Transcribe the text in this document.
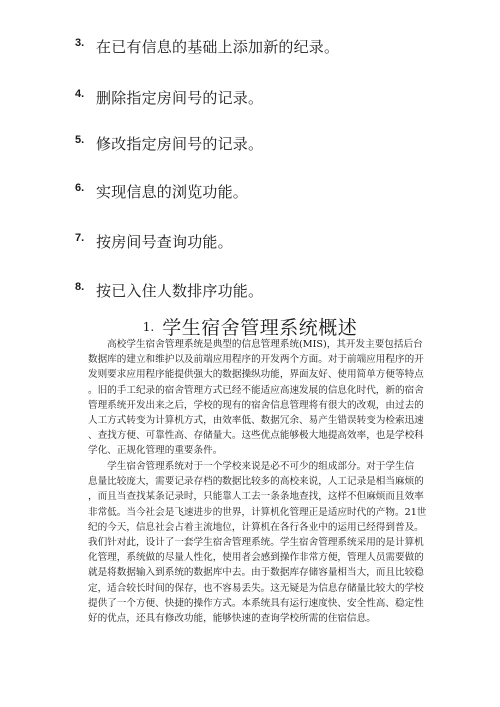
3. 在已有信息的基础上添加新的纪录。
4. 删除指定房间号的记录。
5. 修改指定房间号的记录。
6. 实现信息的浏览功能。
7. 按房间号查询功能。
8. 按已入住人数排序功能。
1. 学生宿舍管理系统概述
　　高校学生宿舍管理系统是典型的信息管理系统(MIS)，其开发主要包括后台
数据库的建立和维护以及前端应用程序的开发两个方面。对于前端应用程序的开
发则要求应用程序能提供强大的数据操纵功能，界面友好、使用简单方便等特点
。旧的手工纪录的宿舍管理方式已经不能适应高速发展的信息化时代，新的宿舍
管理系统开发出来之后，学校的现有的宿舍信息管理将有很大的改观，由过去的
人工方式转变为计算机方式，由效率低、数据冗余、易产生错误转变为检索迅速
、查找方便、可靠性高、存储量大。这些优点能够极大地提高效率，也是学校科
学化、正规化管理的重要条件。
　　学生宿舍管理系统对于一个学校来说是必不可少的组成部分。对于学生信
息量比较庞大，需要记录存档的数据比较多的高校来说，人工记录是相当麻烦的
，而且当查找某条记录时，只能靠人工去一条条地查找，这样不但麻烦而且效率
非常低。当今社会是飞速进步的世界，计算机化管理正是适应时代的产物。21世
纪的今天，信息社会占着主流地位，计算机在各行各业中的运用已经得到普及。
我们针对此，设计了一套学生宿舍管理系统。学生宿舍管理系统采用的是计算机
化管理，系统做的尽量人性化，使用者会感到操作非常方便，管理人员需要做的
就是将数据输入到系统的数据库中去。由于数据库存储容量相当大，而且比较稳
定，适合较长时间的保存，也不容易丢失。这无疑是为信息存储量比较大的学校
提供了一个方便、快捷的操作方式。本系统具有运行速度快、安全性高、稳定性
好的优点，还具有修改功能，能够快速的查询学校所需的住宿信息。
